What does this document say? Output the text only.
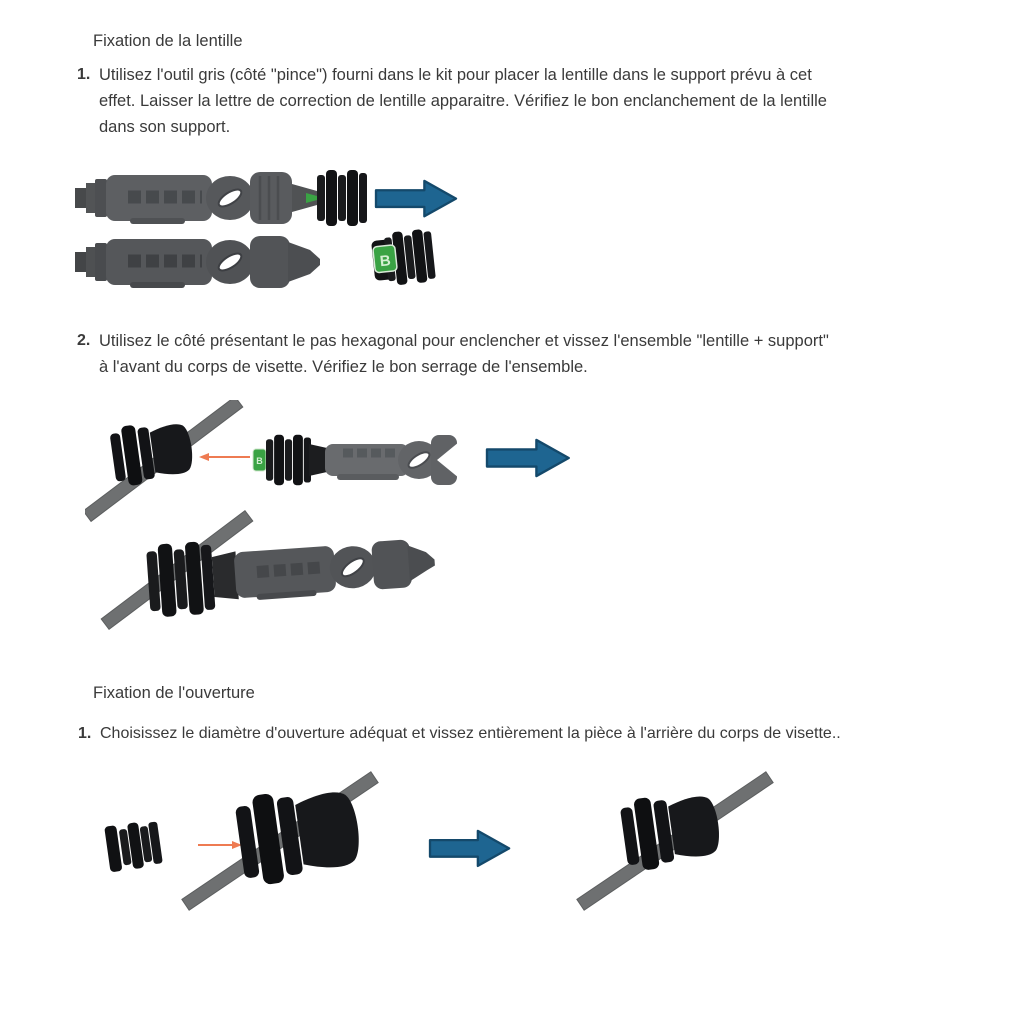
Fixation de la lentille
1. Utilisez l'outil gris (côté "pince") fourni dans le kit pour placer la lentille dans le support prévu à cet
effet. Laisser la lettre de correction de lentille apparaitre. Vérifiez le bon enclanchement de la lentille
dans son support.
B
2. Utilisez le côté présentant le pas hexagonal pour enclencher et vissez l'ensemble "lentille + support"
à l'avant du corps de visette. Vérifiez le bon serrage de l'ensemble.
B
Fixation de l'ouverture
1. Choisissez le diamètre d'ouverture adéquat et vissez entièrement la pièce à l'arrière du corps de visette..
